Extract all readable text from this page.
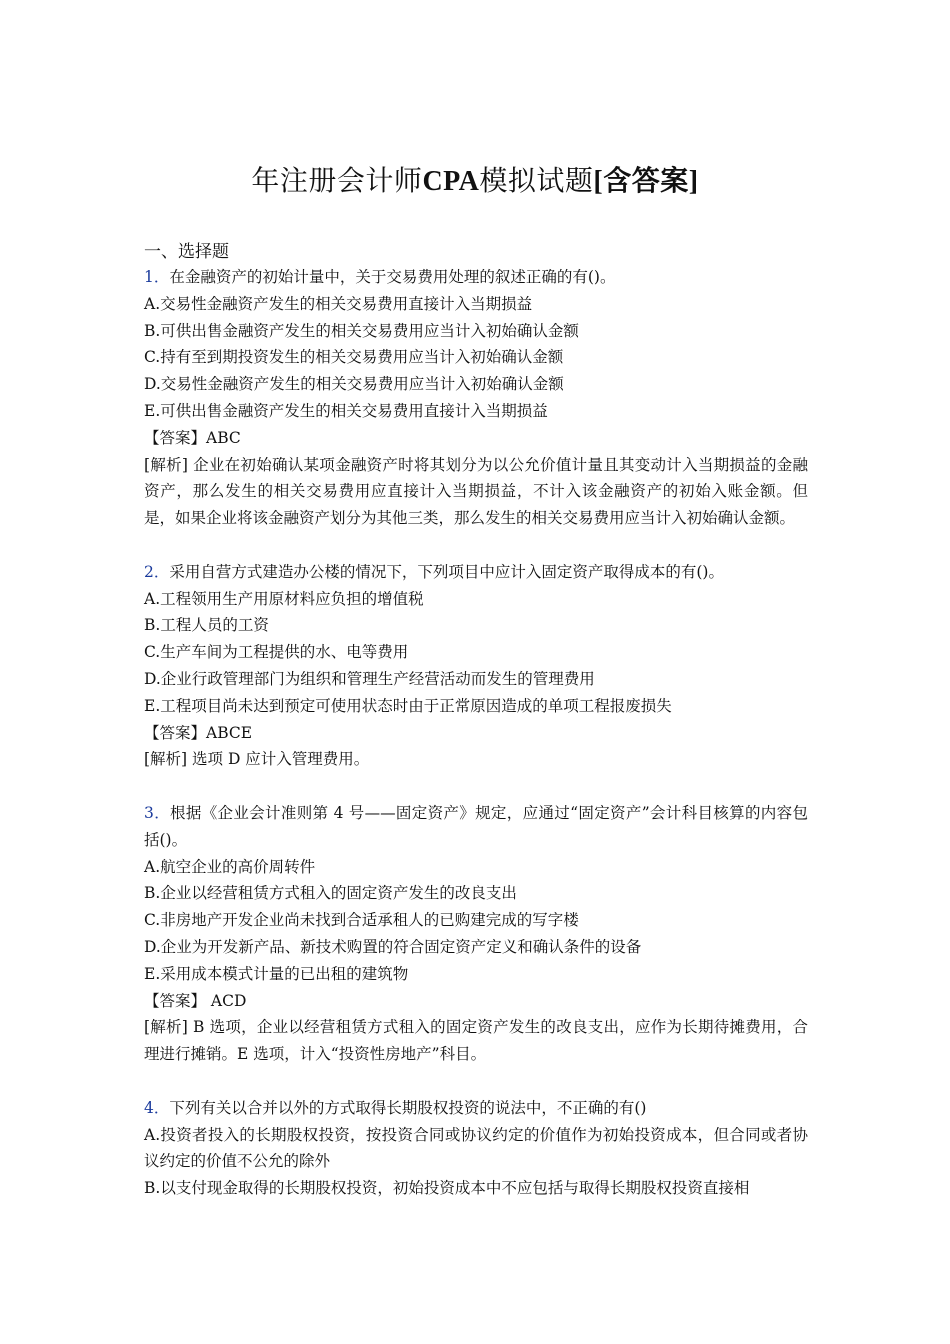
年注册会计师CPA模拟试题[含答案]
一、选择题
1．在金融资产的初始计量中，关于交易费用处理的叙述正确的有()。
A.交易性金融资产发生的相关交易费用直接计入当期损益
B.可供出售金融资产发生的相关交易费用应当计入初始确认金额
C.持有至到期投资发生的相关交易费用应当计入初始确认金额
D.交易性金融资产发生的相关交易费用应当计入初始确认金额
E.可供出售金融资产发生的相关交易费用直接计入当期损益
【答案】ABC
[解析] 企业在初始确认某项金融资产时将其划分为以公允价值计量且其变动计入当期损益的金融资产，那么发生的相关交易费用应直接计入当期损益，不计入该金融资产的初始入账金额。但是，如果企业将该金融资产划分为其他三类，那么发生的相关交易费用应当计入初始确认金额。
2．采用自营方式建造办公楼的情况下，下列项目中应计入固定资产取得成本的有()。
A.工程领用生产用原材料应负担的增值税
B.工程人员的工资
C.生产车间为工程提供的水、电等费用
D.企业行政管理部门为组织和管理生产经营活动而发生的管理费用
E.工程项目尚未达到预定可使用状态时由于正常原因造成的单项工程报废损失
【答案】ABCE
[解析] 选项 D 应计入管理费用。
3．根据《企业会计准则第 4 号——固定资产》规定，应通过“固定资产”会计科目核算的内容包括()。
A.航空企业的高价周转件
B.企业以经营租赁方式租入的固定资产发生的改良支出
C.非房地产开发企业尚未找到合适承租人的已购建完成的写字楼
D.企业为开发新产品、新技术购置的符合固定资产定义和确认条件的设备
E.采用成本模式计量的已出租的建筑物
【答案】 ACD
[解析] B 选项，企业以经营租赁方式租入的固定资产发生的改良支出，应作为长期待摊费用，合理进行摊销。E 选项，计入“投资性房地产”科目。
4．下列有关以合并以外的方式取得长期股权投资的说法中，不正确的有()
A.投资者投入的长期股权投资，按投资合同或协议约定的价值作为初始投资成本，但合同或者协议约定的价值不公允的除外
B.以支付现金取得的长期股权投资，初始投资成本中不应包括与取得长期股权投资直接相
